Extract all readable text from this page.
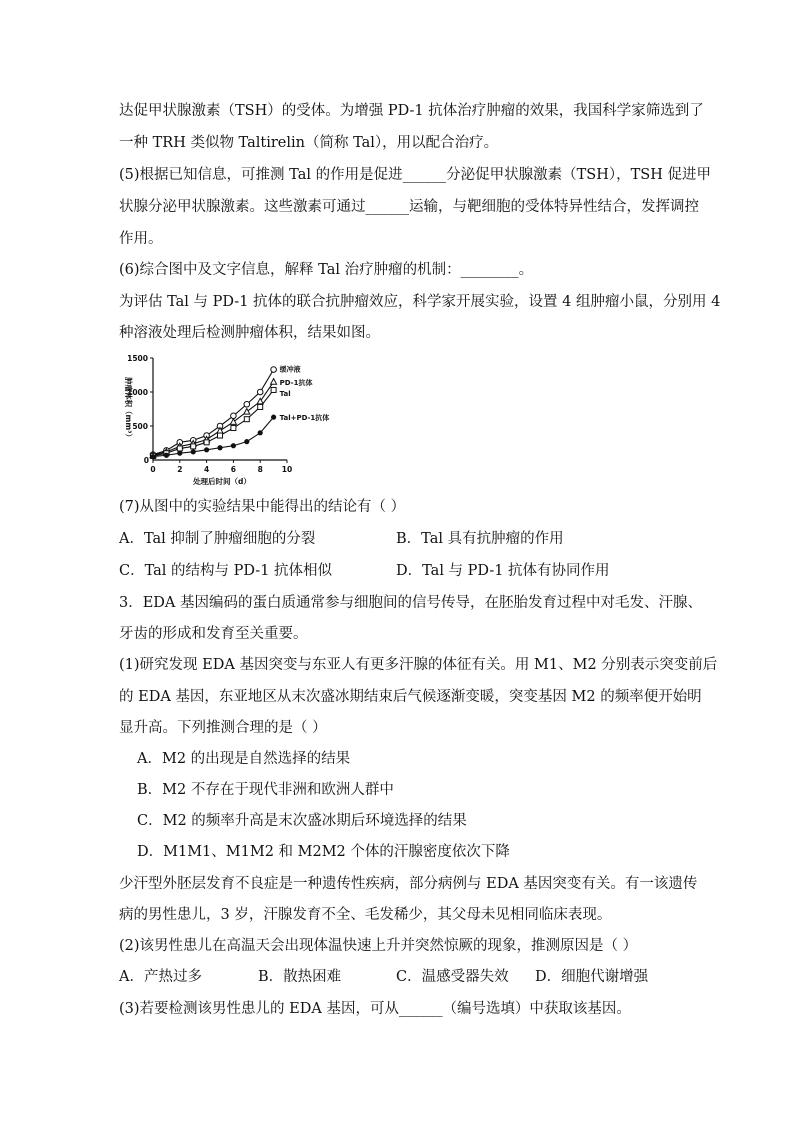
达促甲状腺激素（TSH）的受体。为增强 PD-1 抗体治疗肿瘤的效果，我国科学家筛选到了
一种 TRH 类似物 Taltirelin（简称 Tal），用以配合治疗。
(5)根据已知信息，可推测 Tal 的作用是促进______分泌促甲状腺激素（TSH），TSH 促进甲
状腺分泌甲状腺激素。这些激素可通过______运输，与靶细胞的受体特异性结合，发挥调控
作用。
(6)综合图中及文字信息，解释 Tal 治疗肿瘤的机制：________。
为评估 Tal 与 PD-1 抗体的联合抗肿瘤效应，科学家开展实验，设置 4 组肿瘤小鼠，分别用 4
种溶液处理后检测肿瘤体积，结果如图。
0	2	4	6	8	10
0
500
1000
1500
处理后时间（d）
肿瘤体积（mm³）
缓冲液
PD-1抗体
Tal
Tal+PD-1抗体
(7)从图中的实验结果中能得出的结论有（ ）
A．Tal 抑制了肿瘤细胞的分裂	B．Tal 具有抗肿瘤的作用
C．Tal 的结构与 PD-1 抗体相似	D．Tal 与 PD-1 抗体有协同作用
3．EDA 基因编码的蛋白质通常参与细胞间的信号传导，在胚胎发育过程中对毛发、汗腺、
牙齿的形成和发育至关重要。
(1)研究发现 EDA 基因突变与东亚人有更多汗腺的体征有关。用 M1、M2 分别表示突变前后
的 EDA 基因，东亚地区从末次盛冰期结束后气候逐渐变暖，突变基因 M2 的频率便开始明
显升高。下列推测合理的是（ ）
A．M2 的出现是自然选择的结果
B．M2 不存在于现代非洲和欧洲人群中
C．M2 的频率升高是末次盛冰期后环境选择的结果
D．M1M1、M1M2 和 M2M2 个体的汗腺密度依次下降
少汗型外胚层发育不良症是一种遗传性疾病，部分病例与 EDA 基因突变有关。有一该遗传
病的男性患儿，3 岁，汗腺发育不全、毛发稀少，其父母未见相同临床表现。
(2)该男性患儿在高温天会出现体温快速上升并突然惊厥的现象，推测原因是（ ）
A．产热过多	B．散热困难	C．温感受器失效 D．细胞代谢增强
(3)若要检测该男性患儿的 EDA 基因，可从______（编号选填）中获取该基因。
